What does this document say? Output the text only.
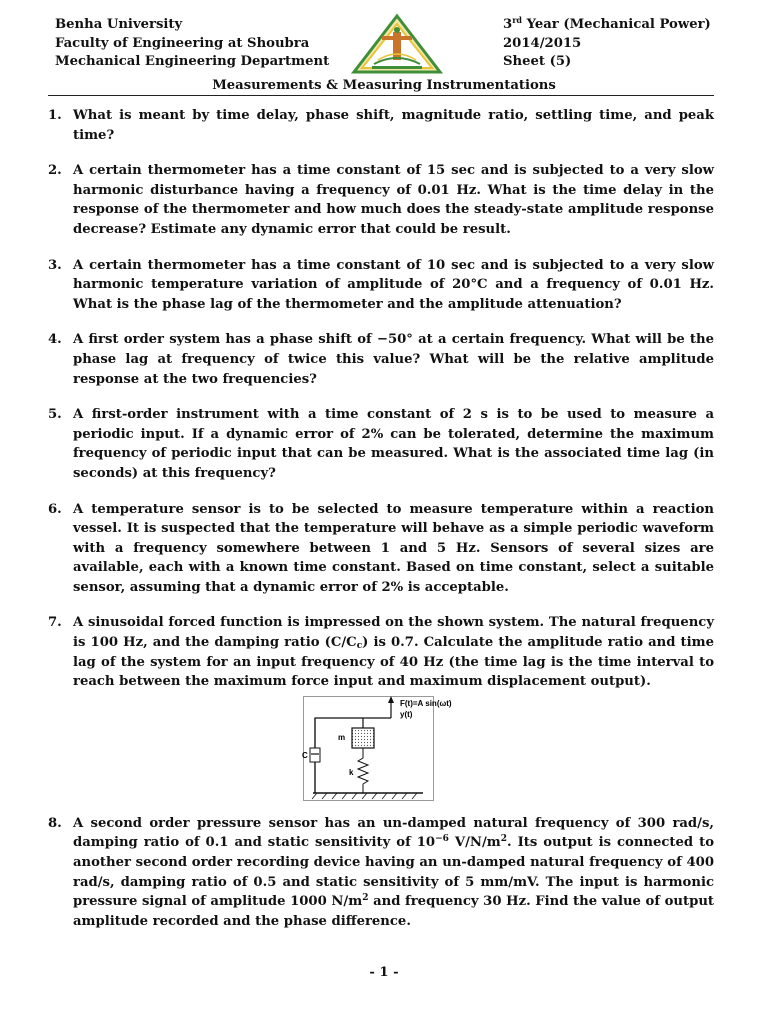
Benha University
Faculty of Engineering at Shoubra
Mechanical Engineering Department
3rd Year (Mechanical Power)
2014/2015
Sheet (5)
Measurements & Measuring Instrumentations
1. What is meant by time delay, phase shift, magnitude ratio, settling time, and peak time?
2. A certain thermometer has a time constant of 15 sec and is subjected to a very slow harmonic disturbance having a frequency of 0.01 Hz. What is the time delay in the response of the thermometer and how much does the steady-state amplitude response decrease? Estimate any dynamic error that could be result.
3. A certain thermometer has a time constant of 10 sec and is subjected to a very slow harmonic temperature variation of amplitude of 20°C and a frequency of 0.01 Hz. What is the phase lag of the thermometer and the amplitude attenuation?
4. A first order system has a phase shift of −50° at a certain frequency. What will be the phase lag at frequency of twice this value? What will be the relative amplitude response at the two frequencies?
5. A first-order instrument with a time constant of 2 s is to be used to measure a periodic input. If a dynamic error of 2% can be tolerated, determine the maximum frequency of periodic input that can be measured. What is the associated time lag (in seconds) at this frequency?
6. A temperature sensor is to be selected to measure temperature within a reaction vessel. It is suspected that the temperature will behave as a simple periodic waveform with a frequency somewhere between 1 and 5 Hz. Sensors of several sizes are available, each with a known time constant. Based on time constant, select a suitable sensor, assuming that a dynamic error of 2% is acceptable.
7. A sinusoidal forced function is impressed on the shown system. The natural frequency is 100 Hz, and the damping ratio $(C/C_c)$ is 0.7. Calculate the amplitude ratio and time lag of the system for an input frequency of 40 Hz (the time lag is the time interval to reach between the maximum force input and maximum displacement output).
C
m
k
F(t)=A sin(ωt)
y(t)
8. A second order pressure sensor has an un-damped natural frequency of 300 rad/s, damping ratio of 0.1 and static sensitivity of $10^{-6}$ $V/N/m^2$. Its output is connected to another second order recording device having an un-damped natural frequency of 400 rad/s, damping ratio of 0.5 and static sensitivity of 5 mm/mV. The input is harmonic pressure signal of amplitude 1000 $N/m^2$ and frequency 30 Hz. Find the value of output amplitude recorded and the phase difference.
- 1 -
